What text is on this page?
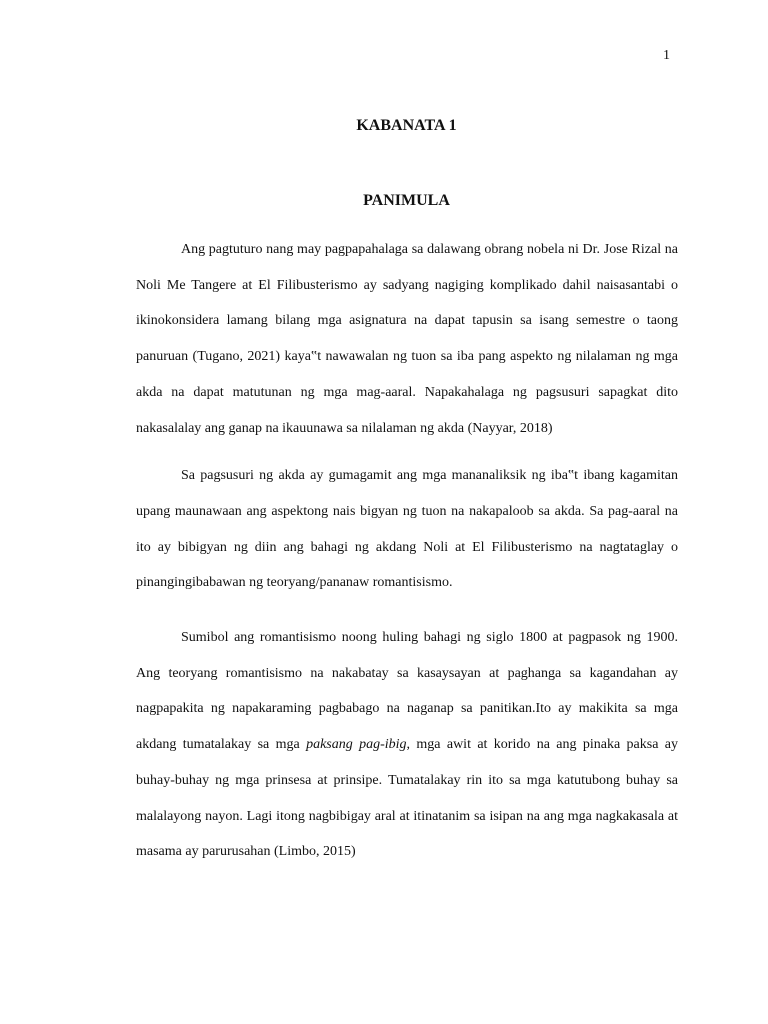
1
KABANATA 1
PANIMULA

Ang pagtuturo nang may pagpapahalaga sa dalawang obrang nobela ni Dr. Jose Rizal na Noli Me Tangere at El Filibusterismo ay sadyang nagiging komplikado dahil naisasantabi o ikinokonsidera lamang bilang mga asignatura na dapat tapusin sa isang semestre o taong panuruan (Tugano, 2021) kaya‟t nawawalan ng tuon sa iba pang aspekto ng nilalaman ng mga akda na dapat matutunan ng mga mag-aaral. Napakahalaga ng pagsusuri sapagkat dito nakasalalay ang ganap na ikauunawa sa nilalaman ng akda (Nayyar, 2018)

Sa pagsusuri ng akda ay gumagamit ang mga mananaliksik ng iba‟t ibang kagamitan upang maunawaan ang aspektong nais bigyan ng tuon na nakapaloob sa akda. Sa pag-aaral na ito ay bibigyan ng diin ang bahagi ng akdang Noli at El Filibusterismo na nagtataglay o pinangingibabawan ng teoryang/pananaw romantisismo.

Sumibol ang romantisismo noong huling bahagi ng siglo 1800 at pagpasok ng 1900. Ang teoryang romantisismo na nakabatay sa kasaysayan at paghanga sa kagandahan ay nagpapakita ng napakaraming pagbabago na naganap sa panitikan.Ito ay makikita sa mga akdang tumatalakay sa mga paksang pag-ibig, mga awit at korido na ang pinaka paksa ay buhay-buhay ng mga prinsesa at prinsipe. Tumatalakay rin ito sa mga katutubong buhay sa malalayong nayon. Lagi itong nagbibigay aral at itinatanim sa isipan na ang mga nagkakasala at masama ay parurusahan (Limbo, 2015)
